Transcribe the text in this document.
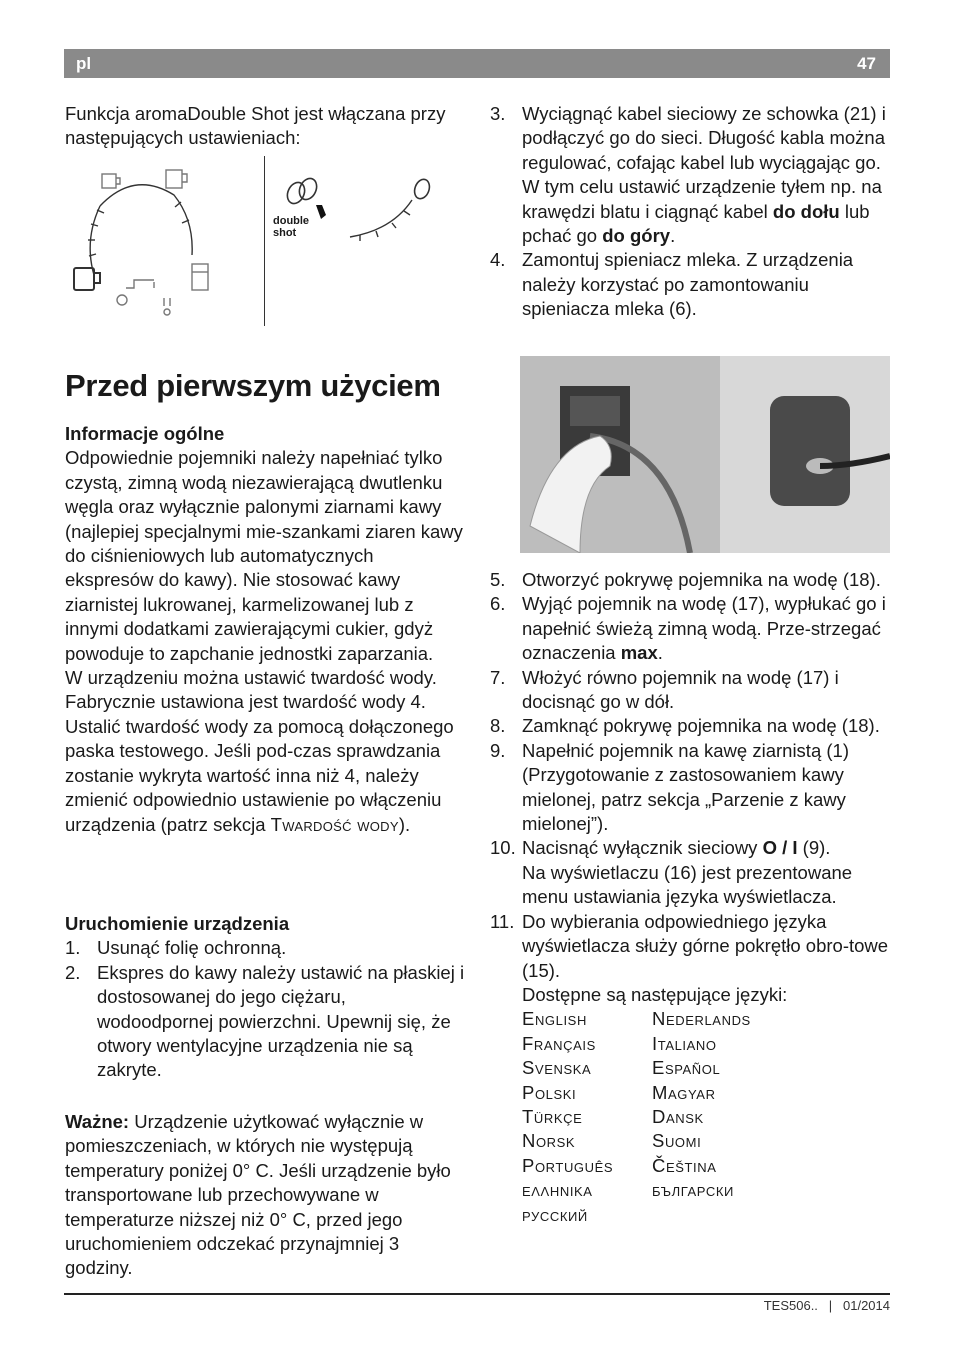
pl	47

Funkcja aromaDouble Shot jest włączana przy następujących ustawieniach:

double
shot
Przed pierwszym użyciem

Informacje ogólne

Odpowiednie pojemniki należy napełniać tylko czystą, zimną wodą niezawierającą dwutlenku węgla oraz wyłącznie palonymi ziarnami kawy (najlepiej specjalnymi mie-szankami ziaren kawy do ciśnieniowych lub automatycznych ekspresów do kawy). Nie stosować kawy ziarnistej lukrowanej, karmelizowanej lub z innymi dodatkami zawierającymi cukier, gdyż powoduje to zapchanie jednostki zaparzania.

W urządzeniu można ustawić twardość wody. Fabrycznie ustawiona jest twardość wody 4. Ustalić twardość wody za pomocą dołączonego paska testowego. Jeśli pod-czas sprawdzania zostanie wykryta wartość inna niż 4, należy zmienić odpowiednio ustawienie po włączeniu urządzenia (patrz sekcja Twardość wody).

Uruchomienie urządzenia

1. Usunąć folię ochronną.
2. Ekspres do kawy należy ustawić na płaskiej i dostosowanej do jego ciężaru, wodoodpornej powierzchni. Upewnij się, że otwory wentylacyjne urządzenia nie są zakryte.

Ważne: Urządzenie użytkować wyłącznie w pomieszczeniach, w których nie występują temperatury poniżej 0° C. Jeśli urządzenie było transportowane lub przechowywane w temperaturze niższej niż 0° C, przed jego uruchomieniem odczekać przynajmniej 3 godziny.

3. Wyciągnąć kabel sieciowy ze schowka (21) i podłączyć go do sieci. Długość kabla można regulować, cofając kabel lub wyciągając go. W tym celu ustawić urządzenie tyłem np. na krawędzi blatu i ciągnąć kabel do dołu lub pchać go do góry.
4. Zamontuj spieniacz mleka. Z urządzenia należy korzystać po zamontowaniu spieniacza mleka (6).
5. Otworzyć pokrywę pojemnika na wodę (18).
6. Wyjąć pojemnik na wodę (17), wypłukać go i napełnić świeżą zimną wodą. Prze-strzegać oznaczenia max.
7. Włożyć równo pojemnik na wodę (17) i docisnąć go w dół.
8. Zamknąć pokrywę pojemnika na wodę (18).
9. Napełnić pojemnik na kawę ziarnistą (1) (Przygotowanie z zastosowaniem kawy mielonej, patrz sekcja „Parzenie z kawy mielonej”).
10. Nacisnąć wyłącznik sieciowy O / I (9).
Na wyświetlaczu (16) jest prezentowane menu ustawiania języka wyświetlacza.
11. Do wybierania odpowiedniego języka wyświetlacza służy górne pokrętło obro-towe (15).
Dostępne są następujące języki:
English	Nederlands
Français	Italiano
Svenska	Español
Polski	Magyar
Türkçe	Dansk
Norsk	Suomi
Português	Čeština
ελληνικα	български
русский
TES506.. | 01/2014
